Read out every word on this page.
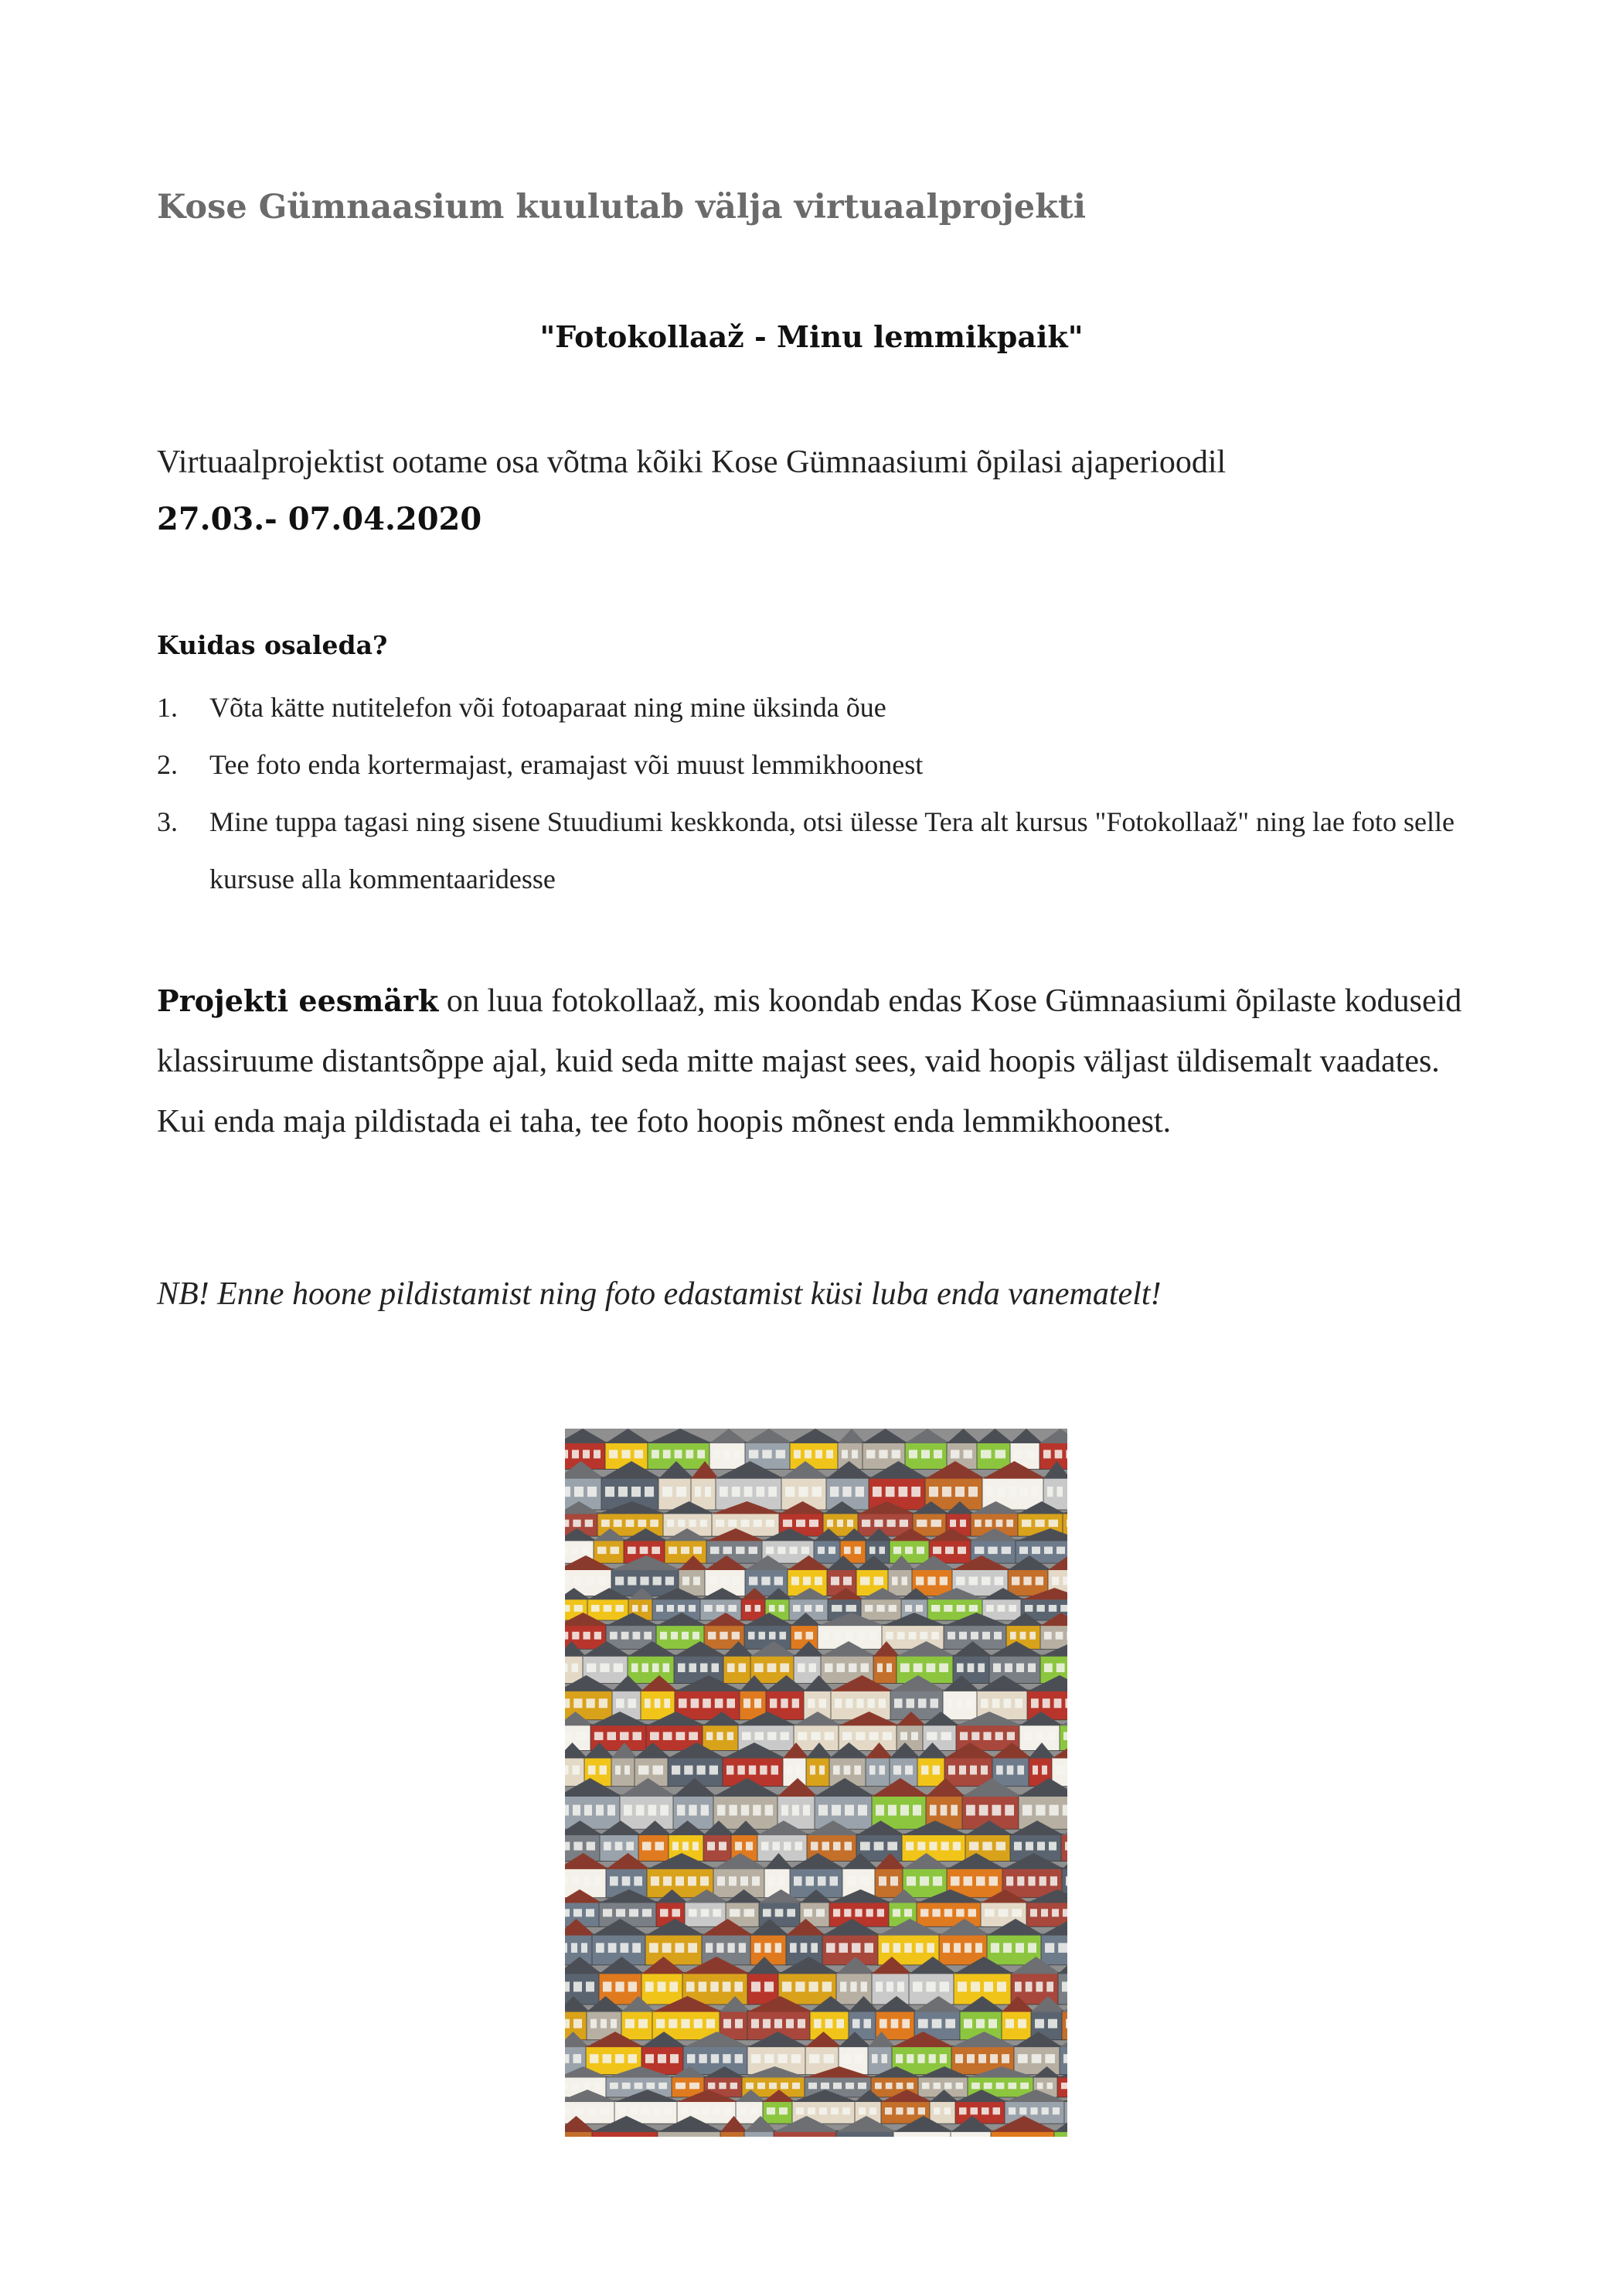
Kose Gümnaasium kuulutab välja virtuaalprojekti
"Fotokollaaž - Minu lemmikpaik"
Virtuaalprojektist ootame osa võtma kõiki Kose Gümnaasiumi õpilasi ajaperioodil
27.03.- 07.04.2020
Kuidas osaleda?
1. Võta kätte nutitelefon või fotoaparaat ning mine üksinda õue
2. Tee foto enda kortermajast, eramajast või muust lemmikhoonest
3. Mine tuppa tagasi ning sisene Stuudiumi keskkonda, otsi ülesse Tera alt kursus "Fotokollaaž" ning lae foto selle kursuse alla kommentaaridesse
Projekti eesmärk on luua fotokollaaž, mis koondab endas Kose Gümnaasiumi õpilaste koduseid klassiruume distantsõppe ajal, kuid seda mitte majast sees, vaid hoopis väljast üldisemalt vaadates. Kui enda maja pildistada ei taha, tee foto hoopis mõnest enda lemmikhoonest.
NB! Enne hoone pildistamist ning foto edastamist küsi luba enda vanematelt!
